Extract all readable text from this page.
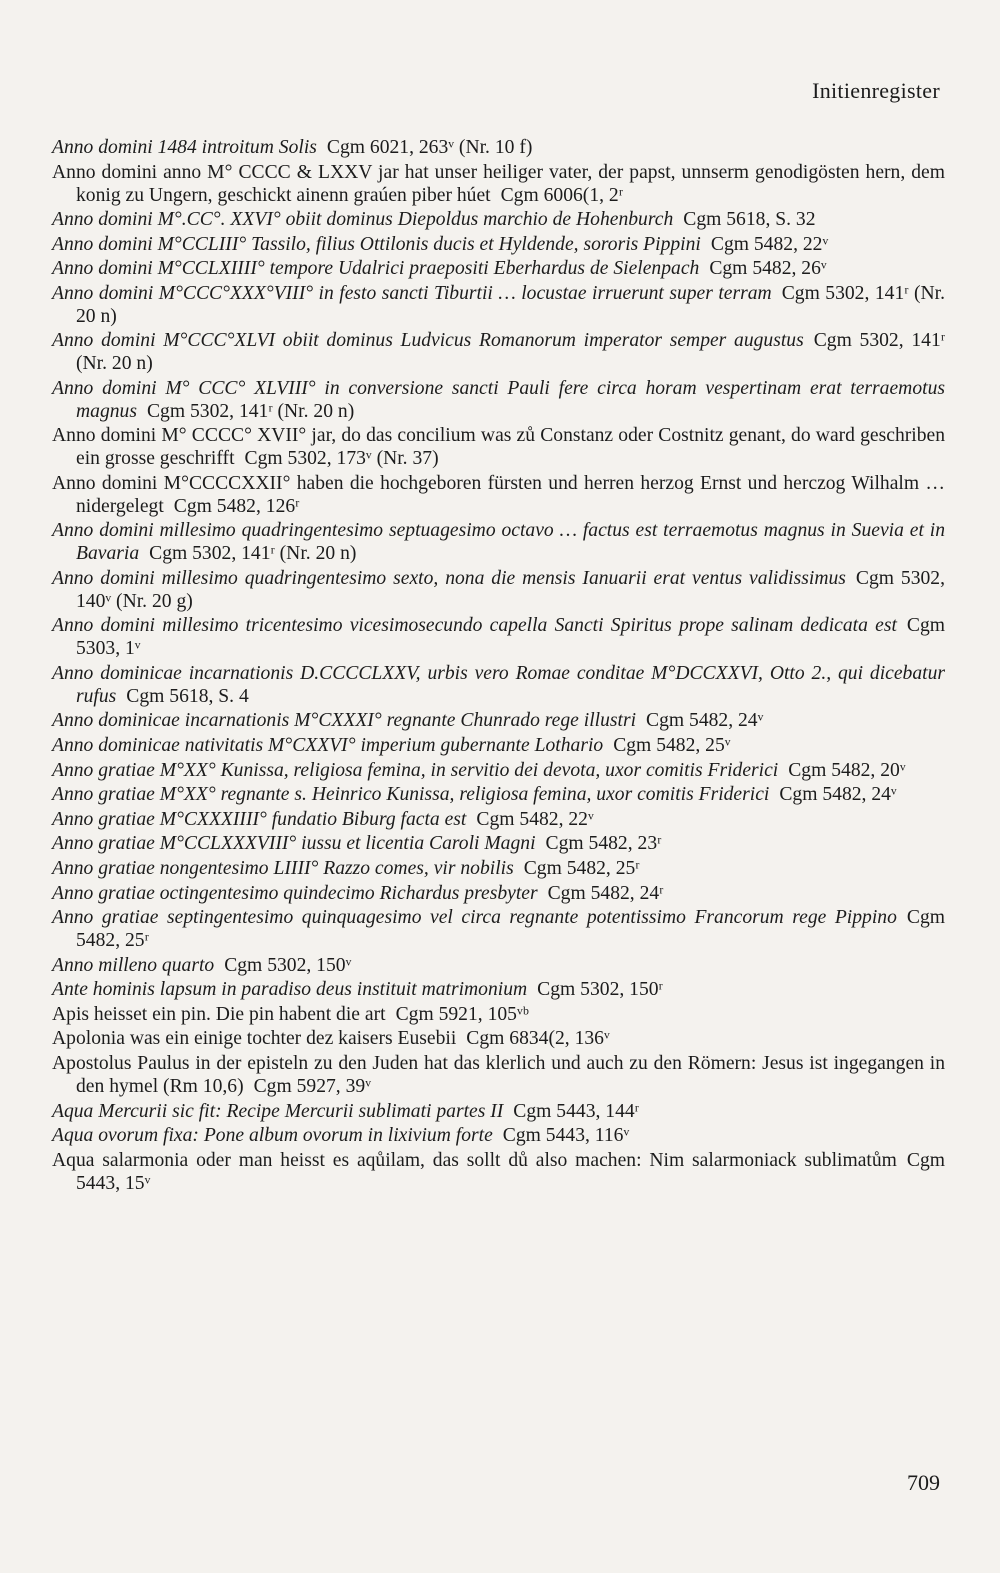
Initienregister

Anno domini 1484 introitum Solis Cgm 6021, 263ᵛ (Nr. 10 f)

Anno domini anno M° CCCC & LXXV jar hat unser heiliger vater, der papst, unnserm genodigösten hern, dem konig zu Ungern, geschickt ainenn graúen piber húet Cgm 6006(1, 2ʳ

Anno domini M°.CC°. XXVI° obiit dominus Diepoldus marchio de Hohenburch Cgm 5618, S. 32

Anno domini M°CCLIII° Tassilo, filius Ottilonis ducis et Hyldende, sororis Pippini Cgm 5482, 22ᵛ

Anno domini M°CCLXIIII° tempore Udalrici praepositi Eberhardus de Sielenpach Cgm 5482, 26ᵛ

Anno domini M°CCC°XXX°VIII° in festo sancti Tiburtii … locustae irruerunt super terram Cgm 5302, 141ʳ (Nr. 20 n)

Anno domini M°CCC°XLVI obiit dominus Ludvicus Romanorum imperator semper augustus Cgm 5302, 141ʳ (Nr. 20 n)

Anno domini M° CCC° XLVIII° in conversione sancti Pauli fere circa horam vespertinam erat terraemotus magnus Cgm 5302, 141ʳ (Nr. 20 n)

Anno domini M° CCCC° XVII° jar, do das concilium was zů Constanz oder Costnitz genant, do ward geschriben ein grosse geschrifft Cgm 5302, 173ᵛ (Nr. 37)

Anno domini M°CCCCXXII° haben die hochgeboren fürsten und herren herzog Ernst und herczog Wilhalm … nidergelegt Cgm 5482, 126ʳ

Anno domini millesimo quadringentesimo septuagesimo octavo … factus est terraemotus magnus in Suevia et in Bavaria Cgm 5302, 141ʳ (Nr. 20 n)

Anno domini millesimo quadringentesimo sexto, nona die mensis Ianuarii erat ventus validissimus Cgm 5302, 140ᵛ (Nr. 20 g)

Anno domini millesimo tricentesimo vicesimosecundo capella Sancti Spiritus prope salinam dedicata est Cgm 5303, 1ᵛ

Anno dominicae incarnationis D.CCCCLXXV, urbis vero Romae conditae M°DCCXXVI, Otto 2., qui dicebatur rufus Cgm 5618, S. 4

Anno dominicae incarnationis M°CXXXI° regnante Chunrado rege illustri Cgm 5482, 24ᵛ

Anno dominicae nativitatis M°CXXVI° imperium gubernante Lothario Cgm 5482, 25ᵛ

Anno gratiae M°XX° Kunissa, religiosa femina, in servitio dei devota, uxor comitis Friderici Cgm 5482, 20ᵛ

Anno gratiae M°XX° regnante s. Heinrico Kunissa, religiosa femina, uxor comitis Friderici Cgm 5482, 24ᵛ

Anno gratiae M°CXXXIIII° fundatio Biburg facta est Cgm 5482, 22ᵛ

Anno gratiae M°CCLXXXVIII° iussu et licentia Caroli Magni Cgm 5482, 23ʳ

Anno gratiae nongentesimo LIIII° Razzo comes, vir nobilis Cgm 5482, 25ʳ

Anno gratiae octingentesimo quindecimo Richardus presbyter Cgm 5482, 24ʳ

Anno gratiae septingentesimo quinquagesimo vel circa regnante potentissimo Francorum rege Pippino Cgm 5482, 25ʳ

Anno milleno quarto Cgm 5302, 150ᵛ

Ante hominis lapsum in paradiso deus instituit matrimonium Cgm 5302, 150ʳ

Apis heisset ein pin. Die pin habent die art Cgm 5921, 105ᵛᵇ

Apolonia was ein einige tochter dez kaisers Eusebii Cgm 6834(2, 136ᵛ

Apostolus Paulus in der episteln zu den Juden hat das klerlich und auch zu den Römern: Jesus ist ingegangen in den hymel (Rm 10,6) Cgm 5927, 39ᵛ

Aqua Mercurii sic fit: Recipe Mercurii sublimati partes II Cgm 5443, 144ʳ

Aqua ovorum fixa: Pone album ovorum in lixivium forte Cgm 5443, 116ᵛ

Aqua salarmonia oder man heisst es aqůilam, das sollt dů also machen: Nim salarmoniack sublimatům Cgm 5443, 15ᵛ

709
